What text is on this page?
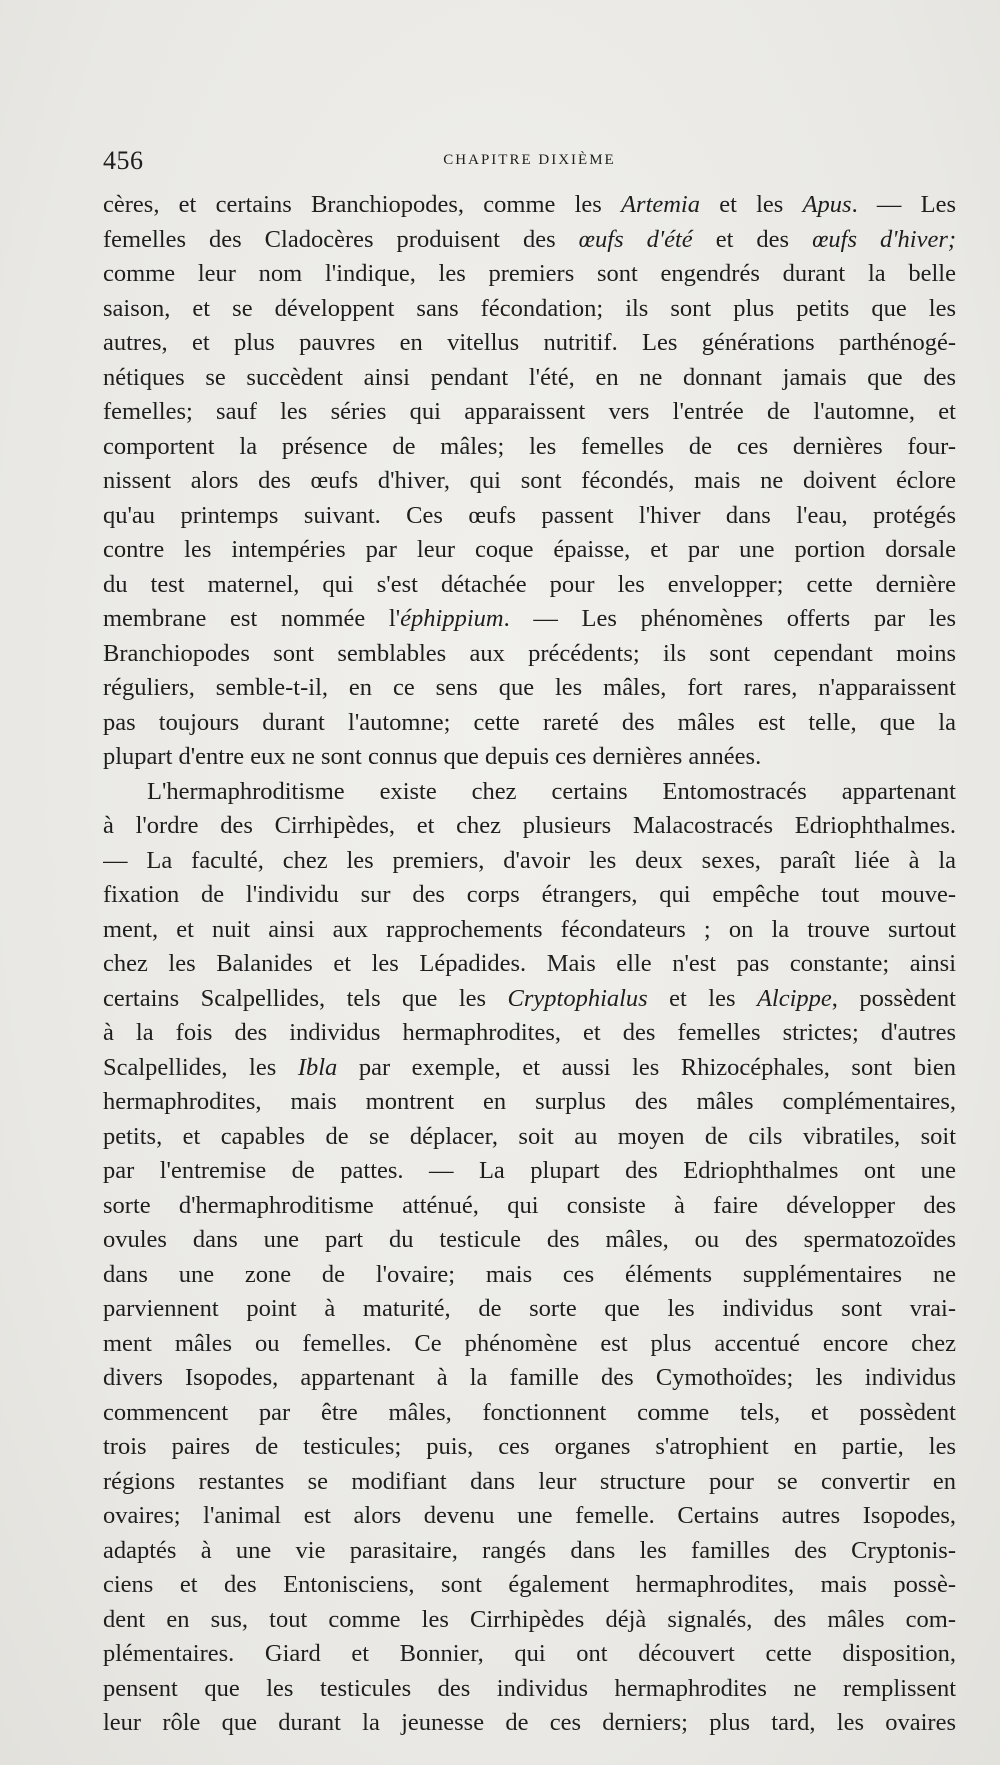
456	CHAPITRE DIXIÈME
cères, et certains Branchiopodes, comme les Artemia et les Apus. — Les
femelles des Cladocères produisent des œufs d'été et des œufs d'hiver;
comme leur nom l'indique, les premiers sont engendrés durant la belle
saison, et se développent sans fécondation; ils sont plus petits que les
autres, et plus pauvres en vitellus nutritif. Les générations parthénogé-
nétiques se succèdent ainsi pendant l'été, en ne donnant jamais que des
femelles; sauf les séries qui apparaissent vers l'entrée de l'automne, et
comportent la présence de mâles; les femelles de ces dernières four-
nissent alors des œufs d'hiver, qui sont fécondés, mais ne doivent éclore
qu'au printemps suivant. Ces œufs passent l'hiver dans l'eau, protégés
contre les intempéries par leur coque épaisse, et par une portion dorsale
du test maternel, qui s'est détachée pour les envelopper; cette dernière
membrane est nommée l'éphippium. — Les phénomènes offerts par les
Branchiopodes sont semblables aux précédents; ils sont cependant moins
réguliers, semble-t-il, en ce sens que les mâles, fort rares, n'apparaissent
pas toujours durant l'automne; cette rareté des mâles est telle, que la
plupart d'entre eux ne sont connus que depuis ces dernières années.
L'hermaphroditisme existe chez certains Entomostracés appartenant
à l'ordre des Cirrhipèdes, et chez plusieurs Malacostracés Edriophthalmes.
— La faculté, chez les premiers, d'avoir les deux sexes, paraît liée à la
fixation de l'individu sur des corps étrangers, qui empêche tout mouve-
ment, et nuit ainsi aux rapprochements fécondateurs ; on la trouve surtout
chez les Balanides et les Lépadides. Mais elle n'est pas constante; ainsi
certains Scalpellides, tels que les Cryptophialus et les Alcippe, possèdent
à la fois des individus hermaphrodites, et des femelles strictes; d'autres
Scalpellides, les Ibla par exemple, et aussi les Rhizocéphales, sont bien
hermaphrodites, mais montrent en surplus des mâles complémentaires,
petits, et capables de se déplacer, soit au moyen de cils vibratiles, soit
par l'entremise de pattes. — La plupart des Edriophthalmes ont une
sorte d'hermaphroditisme atténué, qui consiste à faire développer des
ovules dans une part du testicule des mâles, ou des spermatozoïdes
dans une zone de l'ovaire; mais ces éléments supplémentaires ne
parviennent point à maturité, de sorte que les individus sont vrai-
ment mâles ou femelles. Ce phénomène est plus accentué encore chez
divers Isopodes, appartenant à la famille des Cymothoïdes; les individus
commencent par être mâles, fonctionnent comme tels, et possèdent
trois paires de testicules; puis, ces organes s'atrophient en partie, les
régions restantes se modifiant dans leur structure pour se convertir en
ovaires; l'animal est alors devenu une femelle. Certains autres Isopodes,
adaptés à une vie parasitaire, rangés dans les familles des Cryptonis-
ciens et des Entonisciens, sont également hermaphrodites, mais possè-
dent en sus, tout comme les Cirrhipèdes déjà signalés, des mâles com-
plémentaires. Giard et Bonnier, qui ont découvert cette disposition,
pensent que les testicules des individus hermaphrodites ne remplissent
leur rôle que durant la jeunesse de ces derniers; plus tard, les ovaires
